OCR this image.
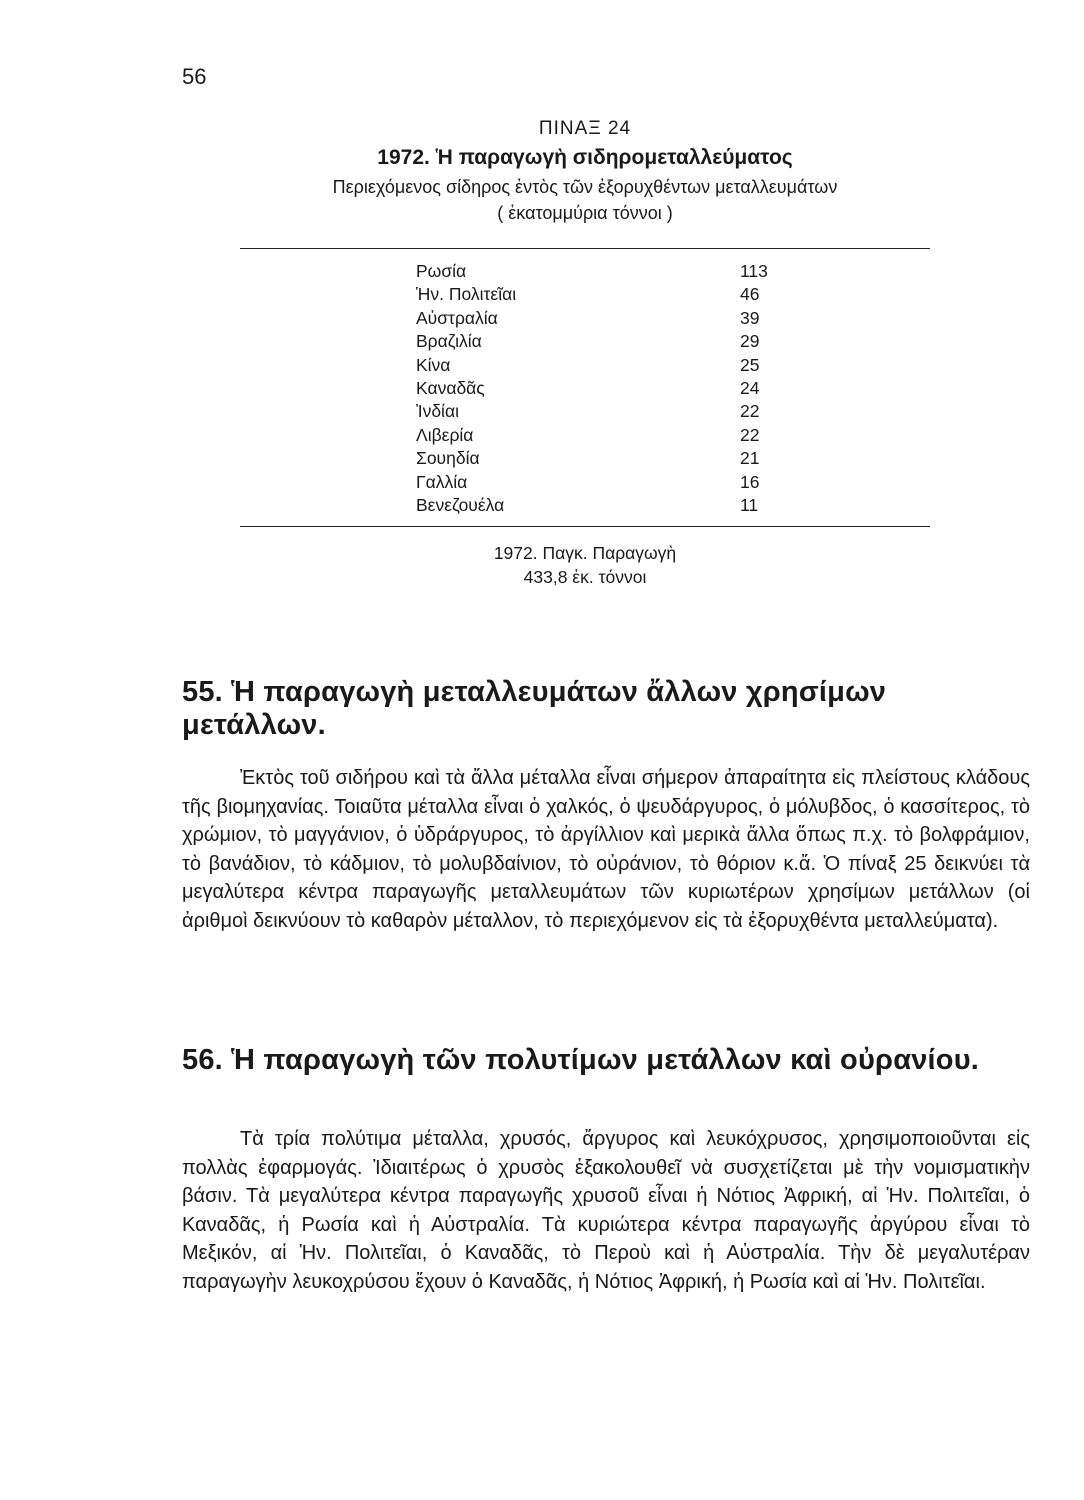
56

ΠΙΝΑΞ 24

1972. Ἡ παραγωγὴ σιδηρομεταλλεύματος

Περιεχόμενος σίδηρος ἐντὸς τῶν ἐξορυχθέντων μεταλλευμάτων

( ἑκατομμύρια τόννοι )

Ρωσία	113
Ἡν. Πολιτεῖαι	46
Αὐστραλία	39
Βραζιλία	29
Κίνα	25
Καναδᾶς	24
Ἰνδίαι	22
Λιβερία	22
Σουηδία	21
Γαλλία	16
Βενεζουέλα	11
1972. Παγκ. Παραγωγὴ
433,8 ἑκ. τόννοι
55. Ἡ παραγωγὴ μεταλλευμάτων ἄλλων χρησίμων μετάλλων.

Ἐκτὸς τοῦ σιδήρου καὶ τὰ ἄλλα μέταλλα εἶναι σήμερον ἀπαραίτητα εἰς πλείστους κλάδους τῆς βιομηχανίας. Τοιαῦτα μέταλλα εἶναι ὁ χαλκός, ὁ ψευδάργυρος, ὁ μόλυβδος, ὁ κασσίτερος, τὸ χρώμιον, τὸ μαγγάνιον, ὁ ὑδράργυρος, τὸ ἀργίλλιον καὶ μερικὰ ἄλλα ὅπως π.χ. τὸ βολφράμιον, τὸ βανάδιον, τὸ κάδμιον, τὸ μολυβδαίνιον, τὸ οὐράνιον, τὸ θόριον κ.ἄ. Ὁ πίναξ 25 δεικνύει τὰ μεγαλύτερα κέντρα παραγωγῆς μεταλλευμάτων τῶν κυριωτέρων χρησίμων μετάλλων (οἱ ἀριθμοὶ δεικνύουν τὸ καθαρὸν μέταλλον, τὸ περιεχόμενον εἰς τὰ ἐξορυχθέντα μεταλλεύματα).

56. Ἡ παραγωγὴ τῶν πολυτίμων μετάλλων καὶ οὐρανίου.

Τὰ τρία πολύτιμα μέταλλα, χρυσός, ἄργυρος καὶ λευκόχρυσος, χρησιμοποιοῦνται εἰς πολλὰς ἐφαρμογάς. Ἰδιαιτέρως ὁ χρυσὸς ἐξακολουθεῖ νὰ συσχετίζεται μὲ τὴν νομισματικὴν βάσιν. Τὰ μεγαλύτερα κέντρα παραγωγῆς χρυσοῦ εἶναι ἡ Νότιος Ἀφρική, αἱ Ἡν. Πολιτεῖαι, ὁ Καναδᾶς, ἡ Ρωσία καὶ ἡ Αὐστραλία. Τὰ κυριώτερα κέντρα παραγωγῆς ἀργύρου εἶναι τὸ Μεξικόν, αἱ Ἡν. Πολιτεῖαι, ὁ Καναδᾶς, τὸ Περοὺ καὶ ἡ Αὐστραλία. Τὴν δὲ μεγαλυτέραν παραγωγὴν λευκοχρύσου ἔχουν ὁ Καναδᾶς, ἡ Νότιος Ἀφρική, ἡ Ρωσία καὶ αἱ Ἡν. Πολιτεῖαι.
